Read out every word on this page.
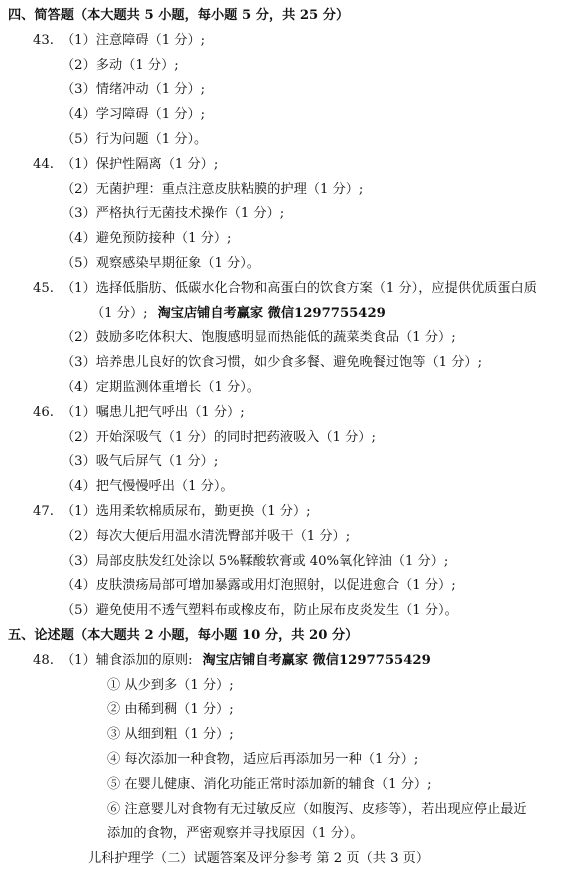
四、简答题（本大题共 5 小题，每小题 5 分，共 25 分）
43. （1）注意障碍（1 分）;
（2）多动（1 分）;
（3）情绪冲动（1 分）;
（4）学习障碍（1 分）;
（5）行为问题（1 分）。
44. （1）保护性隔离（1 分）;
（2）无菌护理：重点注意皮肤粘膜的护理（1 分）;
（3）严格执行无菌技术操作（1 分）;
（4）避免预防接种（1 分）;
（5）观察感染早期征象（1 分）。
45. （1）选择低脂肪、低碳水化合物和高蛋白的饮食方案（1 分），应提供优质蛋白质
（1 分）; 淘宝店铺自考赢家 微信1297755429
（2）鼓励多吃体积大、饱腹感明显而热能低的蔬菜类食品（1 分）;
（3）培养患儿良好的饮食习惯，如少食多餐、避免晚餐过饱等（1 分）;
（4）定期监测体重增长（1 分）。
46. （1）嘱患儿把气呼出（1 分）;
（2）开始深吸气（1 分）的同时把药液吸入（1 分）;
（3）吸气后屏气（1 分）;
（4）把气慢慢呼出（1 分）。
47. （1）选用柔软棉质尿布，勤更换（1 分）;
（2）每次大便后用温水清洗臀部并吸干（1 分）;
（3）局部皮肤发红处涂以 5%鞣酸软膏或 40%氧化锌油（1 分）;
（4）皮肤溃疡局部可增加暴露或用灯泡照射，以促进愈合（1 分）;
（5）避免使用不透气塑料布或橡皮布，防止尿布皮炎发生（1 分）。
五、论述题（本大题共 2 小题，每小题 10 分，共 20 分）
48. （1）辅食添加的原则: 淘宝店铺自考赢家 微信1297755429
① 从少到多（1 分）;
② 由稀到稠（1 分）;
③ 从细到粗（1 分）;
④ 每次添加一种食物，适应后再添加另一种（1 分）;
⑤ 在婴儿健康、消化功能正常时添加新的辅食（1 分）;
⑥ 注意婴儿对食物有无过敏反应（如腹泻、皮疹等），若出现应停止最近
添加的食物，严密观察并寻找原因（1 分）。
儿科护理学（二）试题答案及评分参考 第 2 页（共 3 页）
